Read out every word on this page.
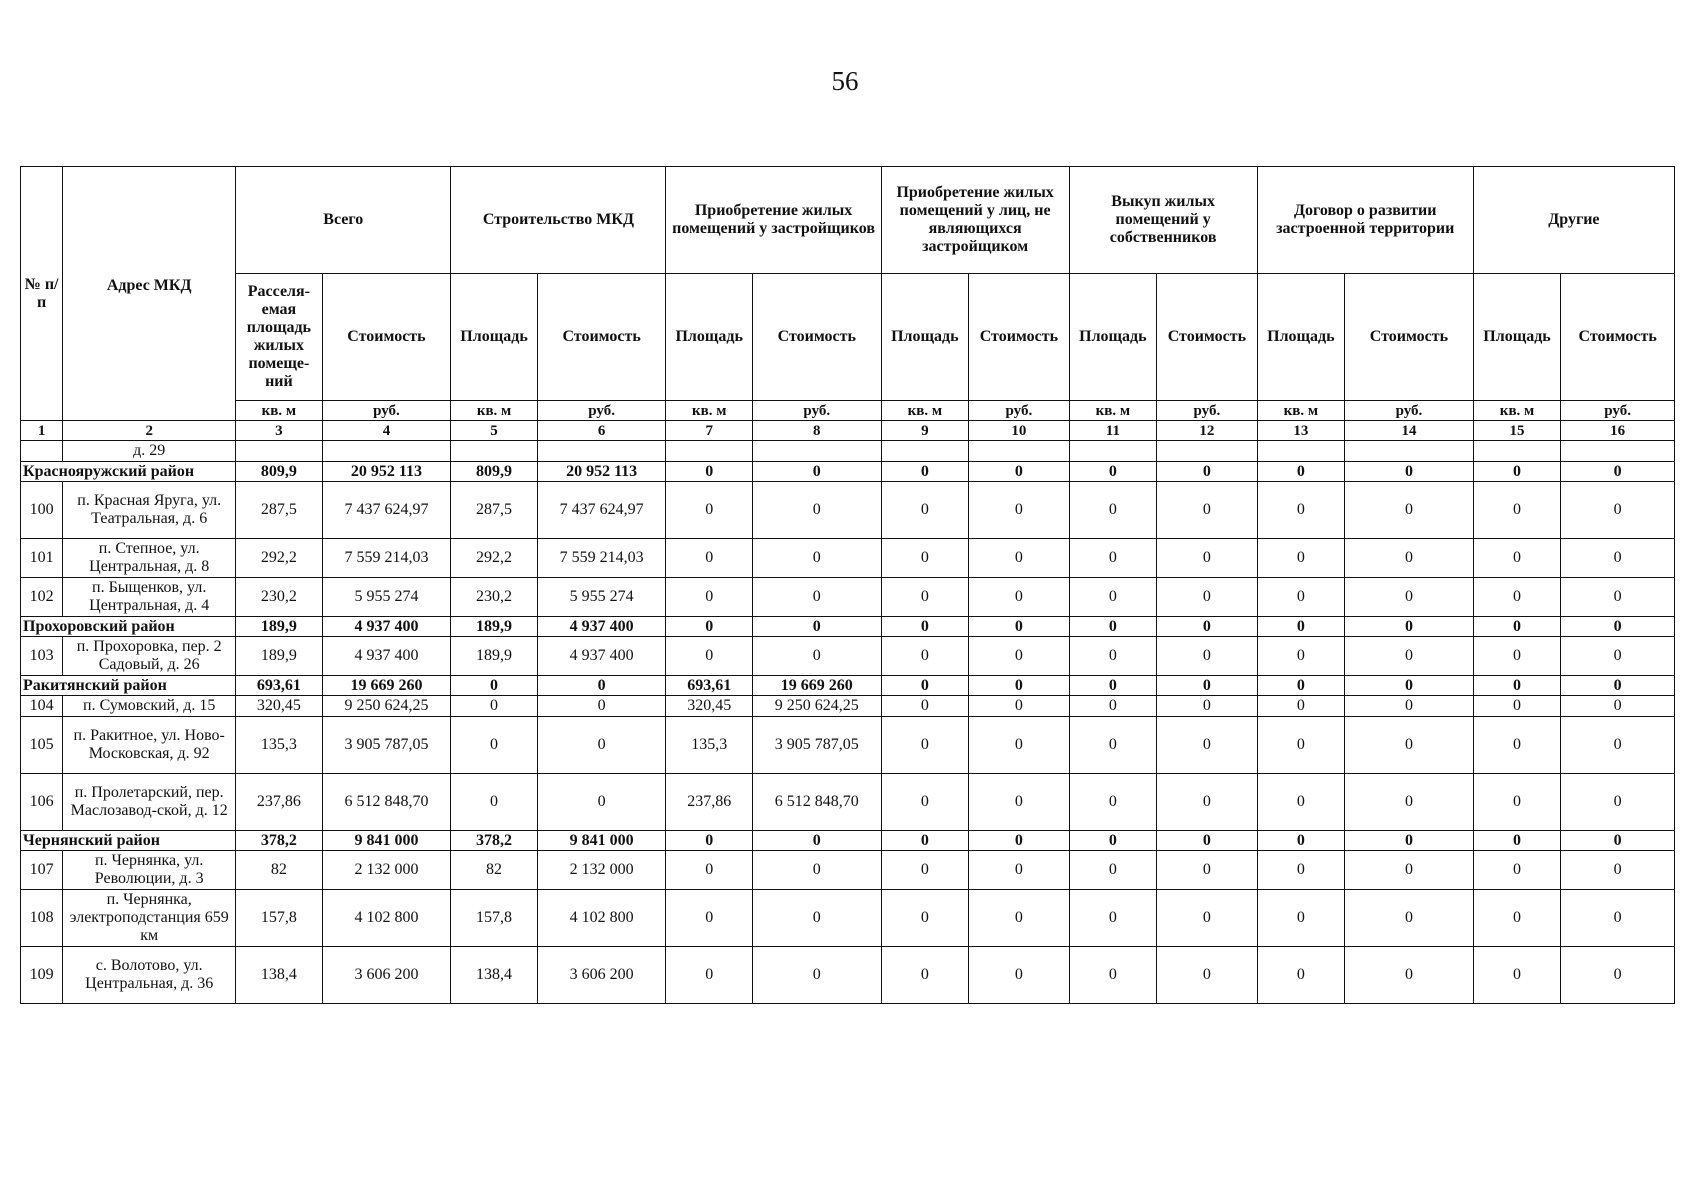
56
№ п/п	Адрес МКД	Всего		Строительство МКД		Приобретение жилых помещений у застройщиков		Приобретение жилых помещений у лиц, не являющихся застройщиком		Выкуп жилых помещений у собственников		Договор о развитии застроенной территории		Другие	
		Расселя-емая площадь жилых помеще-ний	Стоимость	Площадь	Стоимость	Площадь	Стоимость	Площадь	Стоимость	Площадь	Стоимость	Площадь	Стоимость	Площадь	Стоимость
		кв. м	руб.	кв. м	руб.	кв. м	руб.	кв. м	руб.	кв. м	руб.	кв. м	руб.	кв. м	руб.
1	2	3	4	5	6	7	8	9	10	11	12	13	14	15	16
	д. 29														
Краснояружский район		809,9	20 952 113	809,9	20 952 113	0	0	0	0	0	0	0	0	0	0
100	п. Красная Яруга, ул. Театральная, д. 6	287,5	7 437 624,97	287,5	7 437 624,97	0	0	0	0	0	0	0	0	0	0
101	п. Степное, ул. Центральная, д. 8	292,2	7 559 214,03	292,2	7 559 214,03	0	0	0	0	0	0	0	0	0	0
102	п. Быщенков, ул. Центральная, д. 4	230,2	5 955 274	230,2	5 955 274	0	0	0	0	0	0	0	0	0	0
Прохоровский район		189,9	4 937 400	189,9	4 937 400	0	0	0	0	0	0	0	0	0	0
103	п. Прохоровка, пер. 2 Садовый, д. 26	189,9	4 937 400	189,9	4 937 400	0	0	0	0	0	0	0	0	0	0
Ракитянский район		693,61	19 669 260	0	0	693,61	19 669 260	0	0	0	0	0	0	0	0
104	п. Сумовский, д. 15	320,45	9 250 624,25	0	0	320,45	9 250 624,25	0	0	0	0	0	0	0	0
105	п. Ракитное, ул. Ново-Московская, д. 92	135,3	3 905 787,05	0	0	135,3	3 905 787,05	0	0	0	0	0	0	0	0
106	п. Пролетарский, пер. Маслозавод-ской, д. 12	237,86	6 512 848,70	0	0	237,86	6 512 848,70	0	0	0	0	0	0	0	0
Чернянский район		378,2	9 841 000	378,2	9 841 000	0	0	0	0	0	0	0	0	0	0
107	п. Чернянка, ул. Революции, д. 3	82	2 132 000	82	2 132 000	0	0	0	0	0	0	0	0	0	0
108	п. Чернянка, электроподстанция 659 км	157,8	4 102 800	157,8	4 102 800	0	0	0	0	0	0	0	0	0	0
109	с. Волотово, ул. Центральная, д. 36	138,4	3 606 200	138,4	3 606 200	0	0	0	0	0	0	0	0	0	0
